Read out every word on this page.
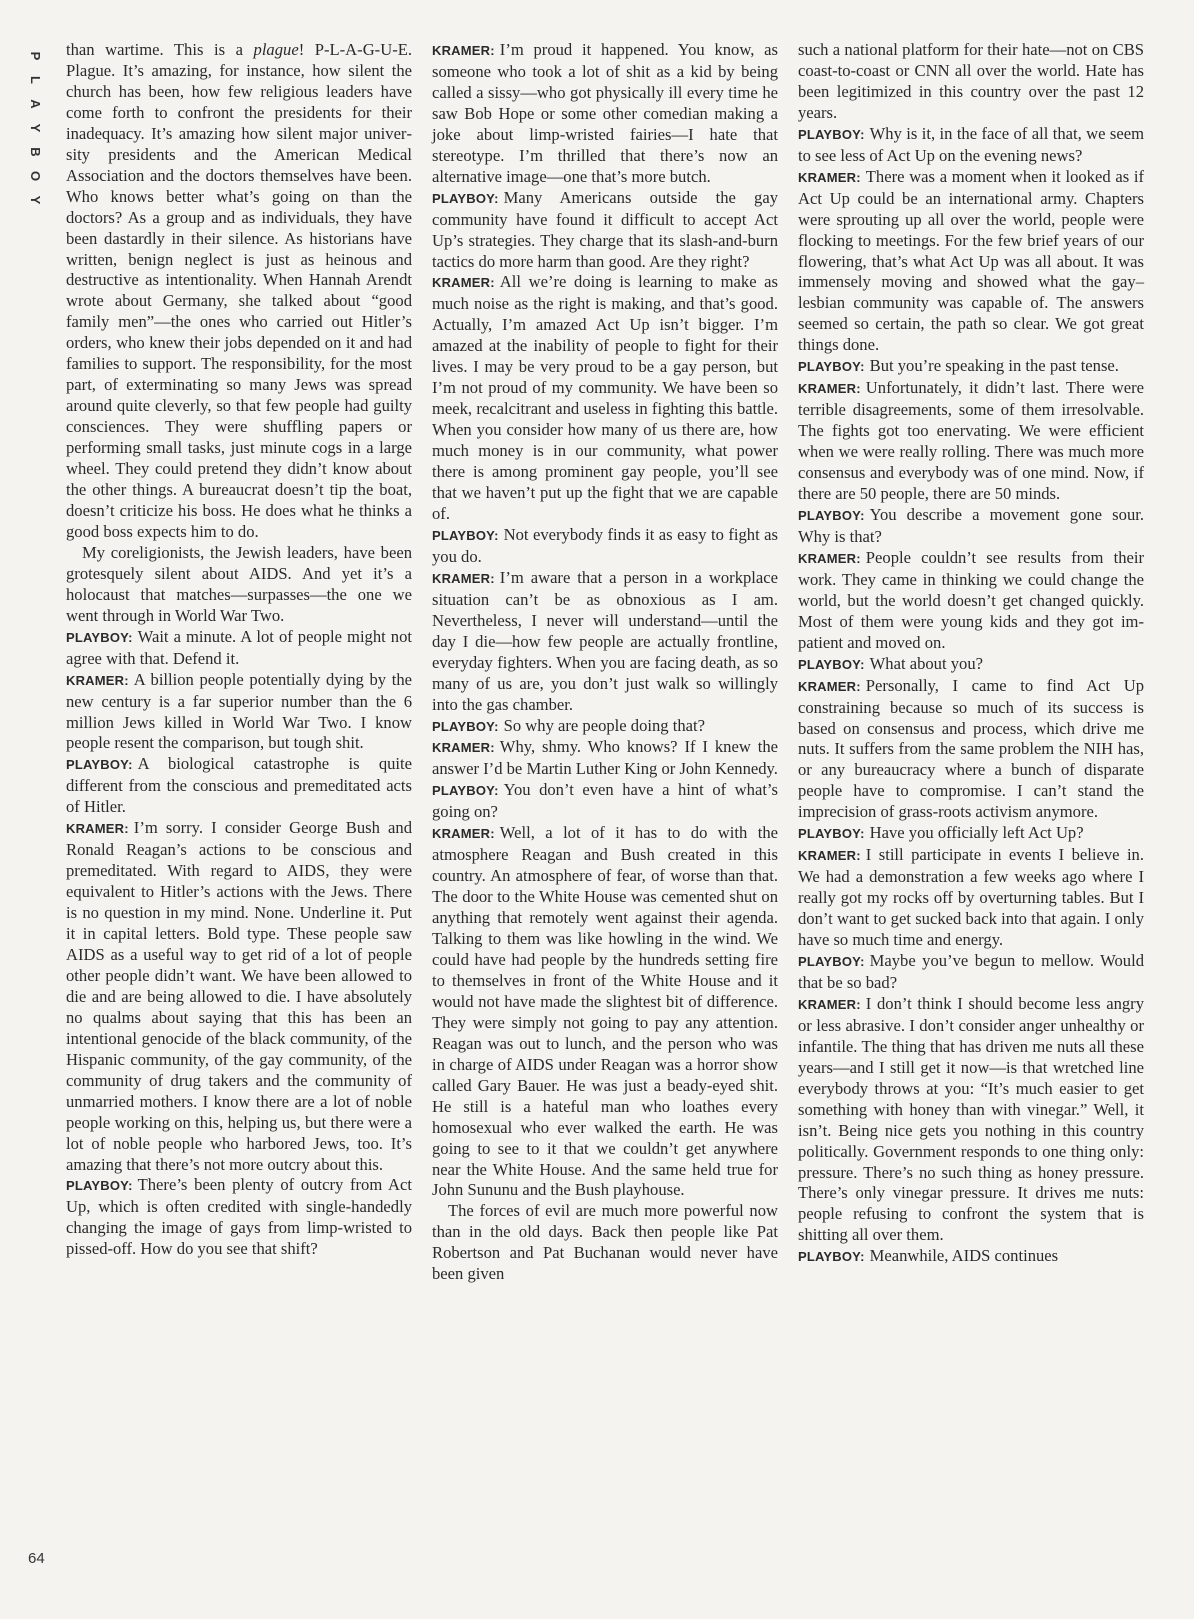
P
L
A
Y
B
O
Y

than wartime. This is a plague! P-L-A-G-U-E. Plague. It’s amazing, for instance, how silent the church has been, how few religious leaders have come forth to confront the presidents for their inadequacy. It’s amazing how silent major university presidents and the American Medical Association and the doctors themselves have been. Who knows better what’s going on than the doctors? As a group and as individuals, they have been dastardly in their silence. As historians have written, benign neglect is just as heinous and destructive as intentionality. When Hannah Arendt wrote about Germany, she talked about “good family men”—the ones who carried out Hitler’s orders, who knew their jobs depended on it and had families to support. The responsibility, for the most part, of exterminating so many Jews was spread around quite cleverly, so that few people had guilty consciences. They were shuffling papers or performing small tasks, just minute cogs in a large wheel. They could pretend they didn’t know about the other things. A bureaucrat doesn’t tip the boat, doesn’t criticize his boss. He does what he thinks a good boss expects him to do.

My coreligionists, the Jewish leaders, have been grotesquely silent about AIDS. And yet it’s a holocaust that matches—surpasses—the one we went through in World War Two.

PLAYBOY: Wait a minute. A lot of people might not agree with that. Defend it.

KRAMER: A billion people potentially dying by the new century is a far superior number than the 6 million Jews killed in World War Two. I know people resent the comparison, but tough shit.

PLAYBOY: A biological catastrophe is quite different from the conscious and premeditated acts of Hitler.

KRAMER: I’m sorry. I consider George Bush and Ronald Reagan’s actions to be conscious and premeditated. With regard to AIDS, they were equivalent to Hitler’s actions with the Jews. There is no question in my mind. None. Underline it. Put it in capital letters. Bold type. These people saw AIDS as a useful way to get rid of a lot of people other people didn’t want. We have been allowed to die and are being allowed to die. I have absolutely no qualms about saying that this has been an intentional genocide of the black community, of the Hispanic community, of the gay community, of the community of drug takers and the community of unmarried mothers. I know there are a lot of noble people working on this, helping us, but there were a lot of noble people who harbored Jews, too. It’s amazing that there’s not more outcry about this.

PLAYBOY: There’s been plenty of outcry from Act Up, which is often credited with single-handedly changing the image of gays from limp-wristed to pissed-off. How do you see that shift?

KRAMER: I’m proud it happened. You know, as someone who took a lot of shit as a kid by being called a sissy—who got physically ill every time he saw Bob Hope or some other comedian making a joke about limp-wristed fairies—I hate that stereotype. I’m thrilled that there’s now an alternative image—one that’s more butch.

PLAYBOY: Many Americans outside the gay community have found it difficult to accept Act Up’s strategies. They charge that its slash-and-burn tactics do more harm than good. Are they right?

KRAMER: All we’re doing is learning to make as much noise as the right is making, and that’s good. Actually, I’m amazed Act Up isn’t bigger. I’m amazed at the inability of people to fight for their lives. I may be very proud to be a gay person, but I’m not proud of my community. We have been so meek, recalcitrant and useless in fighting this battle. When you consider how many of us there are, how much money is in our community, what power there is among prominent gay people, you’ll see that we haven’t put up the fight that we are capable of.

PLAYBOY: Not everybody finds it as easy to fight as you do.

KRAMER: I’m aware that a person in a workplace situation can’t be as obnoxious as I am. Nevertheless, I never will understand—until the day I die—how few people are actually frontline, everyday fighters. When you are facing death, as so many of us are, you don’t just walk so willingly into the gas chamber.

PLAYBOY: So why are people doing that?

KRAMER: Why, shmy. Who knows? If I knew the answer I’d be Martin Luther King or John Kennedy.

PLAYBOY: You don’t even have a hint of what’s going on?

KRAMER: Well, a lot of it has to do with the atmosphere Reagan and Bush created in this country. An atmosphere of fear, of worse than that. The door to the White House was cemented shut on anything that remotely went against their agenda. Talking to them was like howling in the wind. We could have had people by the hundreds setting fire to themselves in front of the White House and it would not have made the slightest bit of difference. They were simply not going to pay any attention. Reagan was out to lunch, and the person who was in charge of AIDS under Reagan was a horror show called Gary Bauer. He was just a beady-eyed shit. He still is a hateful man who loathes every homosexual who ever walked the earth. He was going to see to it that we couldn’t get anywhere near the White House. And the same held true for John Sununu and the Bush playhouse.

The forces of evil are much more powerful now than in the old days. Back then people like Pat Robertson and Pat Buchanan would never have been given

such a national platform for their hate—not on CBS coast-to-coast or CNN all over the world. Hate has been legitimized in this country over the past 12 years.

PLAYBOY: Why is it, in the face of all that, we seem to see less of Act Up on the evening news?

KRAMER: There was a moment when it looked as if Act Up could be an international army. Chapters were sprouting up all over the world, people were flocking to meetings. For the few brief years of our flowering, that’s what Act Up was all about. It was immensely moving and showed what the gay–lesbian community was capable of. The answers seemed so certain, the path so clear. We got great things done.

PLAYBOY: But you’re speaking in the past tense.

KRAMER: Unfortunately, it didn’t last. There were terrible disagreements, some of them irresolvable. The fights got too enervating. We were efficient when we were really rolling. There was much more consensus and everybody was of one mind. Now, if there are 50 people, there are 50 minds.

PLAYBOY: You describe a movement gone sour. Why is that?

KRAMER: People couldn’t see results from their work. They came in thinking we could change the world, but the world doesn’t get changed quickly. Most of them were young kids and they got impatient and moved on.

PLAYBOY: What about you?

KRAMER: Personally, I came to find Act Up constraining because so much of its success is based on consensus and process, which drive me nuts. It suffers from the same problem the NIH has, or any bureaucracy where a bunch of disparate people have to compromise. I can’t stand the imprecision of grass-roots activism anymore.

PLAYBOY: Have you officially left Act Up?

KRAMER: I still participate in events I believe in. We had a demonstration a few weeks ago where I really got my rocks off by overturning tables. But I don’t want to get sucked back into that again. I only have so much time and energy.

PLAYBOY: Maybe you’ve begun to mellow. Would that be so bad?

KRAMER: I don’t think I should become less angry or less abrasive. I don’t consider anger unhealthy or infantile. The thing that has driven me nuts all these years—and I still get it now—is that wretched line everybody throws at you: “It’s much easier to get something with honey than with vinegar.” Well, it isn’t. Being nice gets you nothing in this country politically. Government responds to one thing only: pressure. There’s no such thing as honey pressure. There’s only vinegar pressure. It drives me nuts: people refusing to confront the system that is shitting all over them.

PLAYBOY: Meanwhile, AIDS continues

64
